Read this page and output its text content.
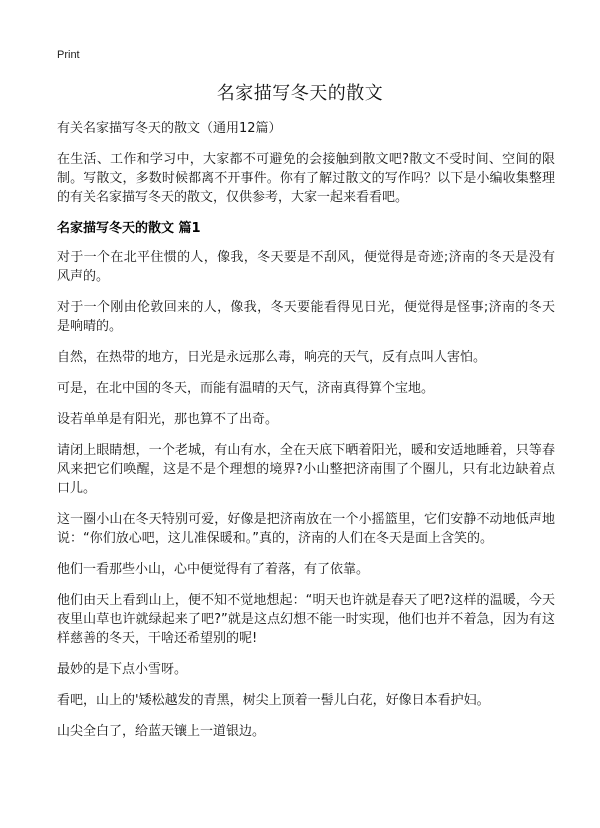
Print
名家描写冬天的散文

有关名家描写冬天的散文（通用12篇）

在生活、工作和学习中，大家都不可避免的会接触到散文吧?散文不受时间、空间的限制。写散文，多数时候都离不开事件。你有了解过散文的写作吗？以下是小编收集整理的有关名家描写冬天的散文，仅供参考，大家一起来看看吧。

名家描写冬天的散文 篇1

对于一个在北平住惯的人，像我，冬天要是不刮风，便觉得是奇迹;济南的冬天是没有风声的。

对于一个刚由伦敦回来的人，像我，冬天要能看得见日光，便觉得是怪事;济南的冬天是响晴的。

自然，在热带的地方，日光是永远那么毒，响亮的天气，反有点叫人害怕。

可是，在北中国的冬天，而能有温晴的天气，济南真得算个宝地。

设若单单是有阳光，那也算不了出奇。

请闭上眼睛想，一个老城，有山有水，全在天底下晒着阳光，暖和安适地睡着，只等春风来把它们唤醒，这是不是个理想的境界?小山整把济南围了个圈儿，只有北边缺着点口儿。

这一圈小山在冬天特别可爱，好像是把济南放在一个小摇篮里，它们安静不动地低声地说：“你们放心吧，这儿准保暖和。”真的，济南的人们在冬天是面上含笑的。

他们一看那些小山，心中便觉得有了着落，有了依靠。

他们由天上看到山上，便不知不觉地想起：“明天也许就是春天了吧?这样的温暖，今天夜里山草也许就绿起来了吧?”就是这点幻想不能一时实现，他们也并不着急，因为有这样慈善的冬天，干啥还希望别的呢!

最妙的是下点小雪呀。

看吧，山上的'矮松越发的青黑，树尖上顶着一髻儿白花，好像日本看护妇。

山尖全白了，给蓝天镶上一道银边。
